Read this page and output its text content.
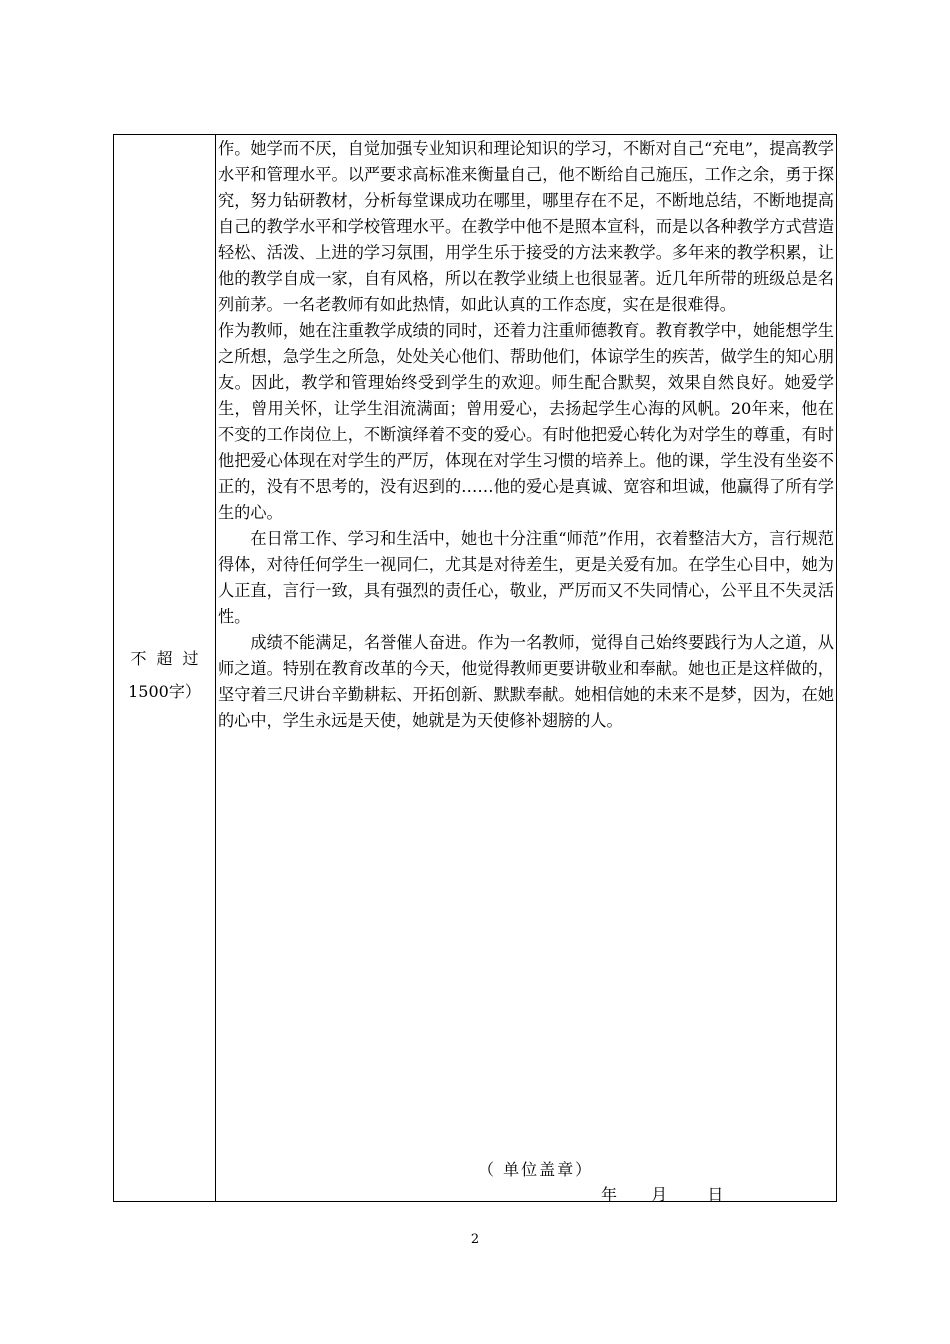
不超过
1500字）

作。她学而不厌，自觉加强专业知识和理论知识的学习，不断对自己“充电”，提高教学水平和管理水平。以严要求高标准来衡量自己，他不断给自己施压，工作之余，勇于探究，努力钻研教材，分析每堂课成功在哪里，哪里存在不足，不断地总结，不断地提高自己的教学水平和学校管理水平。在教学中他不是照本宣科，而是以各种教学方式营造轻松、活泼、上进的学习氛围，用学生乐于接受的方法来教学。多年来的教学积累，让他的教学自成一家，自有风格，所以在教学业绩上也很显著。近几年所带的班级总是名列前茅。一名老教师有如此热情，如此认真的工作态度，实在是很难得。

作为教师，她在注重教学成绩的同时，还着力注重师德教育。教育教学中，她能想学生之所想，急学生之所急，处处关心他们、帮助他们，体谅学生的疾苦，做学生的知心朋友。因此，教学和管理始终受到学生的欢迎。师生配合默契，效果自然良好。她爱学生，曾用关怀，让学生泪流满面；曾用爱心，去扬起学生心海的风帆。20年来，他在不变的工作岗位上，不断演绎着不变的爱心。有时他把爱心转化为对学生的尊重，有时他把爱心体现在对学生的严厉，体现在对学生习惯的培养上。他的课，学生没有坐姿不正的，没有不思考的，没有迟到的……他的爱心是真诚、宽容和坦诚，他赢得了所有学生的心。

在日常工作、学习和生活中，她也十分注重“师范”作用，衣着整洁大方，言行规范得体，对待任何学生一视同仁，尤其是对待差生，更是关爱有加。在学生心目中，她为人正直，言行一致，具有强烈的责任心，敬业，严厉而又不失同情心，公平且不失灵活性。

成绩不能满足，名誉催人奋进。作为一名教师，觉得自己始终要践行为人之道，从师之道。特别在教育改革的今天，他觉得教师更要讲敬业和奉献。她也正是这样做的，坚守着三尺讲台辛勤耕耘、开拓创新、默默奉献。她相信她的未来不是梦，因为，在她的心中，学生永远是天使，她就是为天使修补翅膀的人。

（ 单位盖章）
年 月	日
2
